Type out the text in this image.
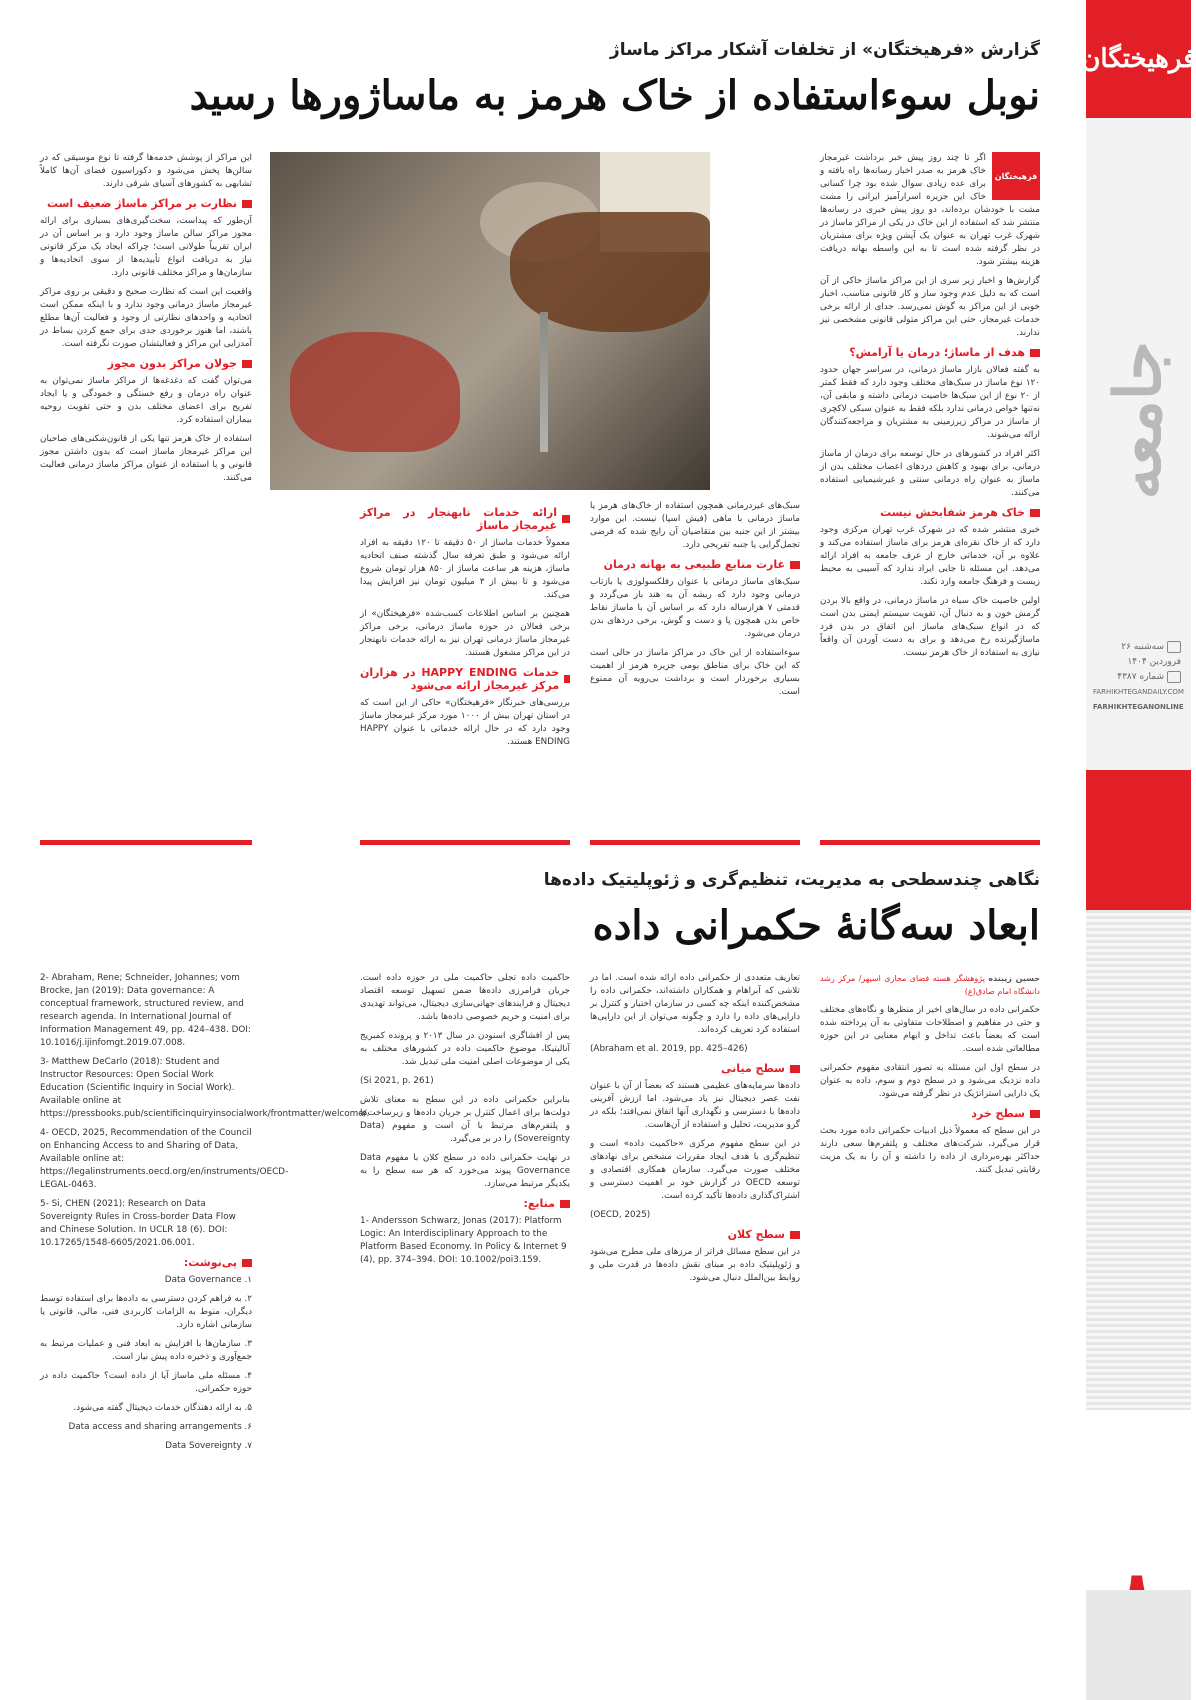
فرهیختگان
جامعه
سه‌شنبه ۲۶ فروردین ۱۴۰۴
شماره ۴۳۸۷
FARHIKHTEGANDAILY.COM
FARHIKHTEGANONLINE
گزارش «فرهیختگان» از تخلفات آشکار مراکز ماساژ
نوبل سوءاستفاده از خاک هرمز به ماساژورها رسید
فرهیختگان

اگر تا چند روز پیش خبر برداشت غیرمجاز خاک هرمز به صدر اخبار رسانه‌ها راه یافته و برای عده زیادی سوال شده بود چرا کسانی خاک این جزیره اسرارآمیز ایرانی را مشت مشت با خودشان برده‌اند، دو روز پیش خبری در رسانه‌ها منتشر شد که استفاده از این خاک در یکی از مراکز ماساژ در شهرک غرب تهران به عنوان یک آپشن ویژه برای مشتریان در نظر گرفته شده است تا به این واسطه بهانه دریافت هزینه بیشتر شود.

گزارش‌ها و اخبار زیر سری از این مراکز ماساژ حاکی از آن است که به دلیل عدم وجود ساز و کار قانونی مناسب، اخبار خوبی از این مراکز به گوش نمی‌رسد. جدای از ارائه برخی خدمات غیرمجاز، حتی این مراکز متولی قانونی مشخصی نیز ندارند.

هدف از ماساژ؛ درمان یا آرامش؟

به گفته فعالان بازار ماساژ درمانی، در سراسر جهان حدود ۱۲۰ نوع ماساژ در سبک‌های مختلف وجود دارد که فقط کمتر از ۲۰ نوع از این سبک‌ها خاصیت درمانی داشته و مابقی آن، نه‌تنها خواص درمانی ندارد بلکه فقط به عنوان سبکی لاکچری از ماساژ در مراکز زیرزمینی به مشتریان و مراجعه‌کنندگان ارائه می‌شوند.

اکثر افراد در کشورهای در حال توسعه برای درمان از ماساژ درمانی، برای بهبود و کاهش دردهای اعصاب مختلف بدن از ماساژ به عنوان راه درمانی سنتی و غیرشیمیایی استفاده می‌کنند.

خاک هرمز شفابخش نیست

خبری منتشر شده که در شهرک غرب تهران مرکزی وجود دارد که از خاک نقره‌ای هرمز برای ماساژ استفاده می‌کند و علاوه بر آن، خدماتی خارج از عرف جامعه به افراد ارائه می‌دهد. این مسئله تا جایی ایراد ندارد که آسیبی به محیط زیست و فرهنگ جامعه وارد نکند.

اولین خاصیت خاک سیاه در ماساژ درمانی، در واقع بالا بردن گرمش خون و به دنبال آن، تقویت سیستم ایمنی بدن است که در انواع سبک‌های ماساژ این اتفاق در بدن فرد ماساژگیرنده رخ می‌دهد و برای به دست آوردن آن واقعاً نیازی به استفاده از خاک هرمز نیست.

سبک‌های غیردرمانی همچون استفاده از خاک‌های هرمز یا ماساژ درمانی با ماهی (فیش اسپا) نیست. این موارد بیشتر از این جنبه بین متقاضیان آن رایج شده که فرضی تجمل‌گرایی یا جنبه تفریحی دارد.

غارت منابع طبیعی به بهانه درمان

سبک‌های ماساژ درمانی با عنوان رفلکسولوژی یا بازتاب درمانی وجود دارد که ریشه آن به هند باز می‌گردد و قدمتی ۷ هزارساله دارد که بر اساس آن با ماساژ نقاط خاص بدن همچون پا و دست و گوش، برخی دردهای بدن درمان می‌شود.

سوءاستفاده از این خاک در مراکز ماساژ در حالی است که این خاک برای مناطق بومی جزیره هرمز از اهمیت بسیاری برخوردار است و برداشت بی‌رویه آن ممنوع است.

ارائه خدمات نابهنجار در مراکز غیرمجاز ماساژ

معمولاً خدمات ماساژ از ۵۰ دقیقه تا ۱۲۰ دقیقه به افراد ارائه می‌شود و طبق تعرفه سال گذشته صنف اتحادیه ماساژ، هزینه هر ساعت ماساژ از ۸۵۰ هزار تومان شروع می‌شود و تا بیش از ۳ میلیون تومان نیز افزایش پیدا می‌کند.

همچنین بر اساس اطلاعات کسب‌شده «فرهیختگان» از برخی فعالان در حوزه ماساژ درمانی، برخی مراکز غیرمجاز ماساژ درمانی تهران نیز به ارائه خدمات نابهنجار در این مراکز مشغول هستند.

خدمات HAPPY ENDING در هزاران مرکز غیرمجاز ارائه می‌شود

بررسی‌های خبرنگار «فرهیختگان» حاکی از این است که در استان تهران بیش از ۱۰۰۰ مورد مرکز غیرمجاز ماساژ وجود دارد که در حال ارائه خدماتی با عنوان HAPPY ENDING هستند.

این مراکز از پوشش خدمه‌ها گرفته تا نوع موسیقی که در سالن‌ها پخش می‌شود و دکوراسیون فضای آن‌ها کاملاً تشابهی به کشورهای آسیای شرقی دارند.

نظارت بر مراکز ماساژ ضعیف است

آن‌طور که پیداست، سخت‌گیری‌های بسیاری برای ارائه مجوز مراکز سالن ماساژ وجود دارد و بر اساس آن در ایران تقریباً طولانی است؛ چراکه ایجاد یک مرکز قانونی نیاز به دریافت انواع تأییدیه‌ها از سوی اتحادیه‌ها و سازمان‌ها و مراکز مختلف قانونی دارد.

واقعیت این است که نظارت صحیح و دقیقی بر روی مراکز غیرمجاز ماساژ درمانی وجود ندارد و با اینکه ممکن است اتحادیه و واحدهای نظارتی از وجود و فعالیت آن‌ها مطلع باشند، اما هنوز برخوردی جدی برای جمع کردن بساط در آمدزایی این مراکز و فعالیتشان صورت نگرفته است.

جولان مراکز بدون مجوز

می‌توان گفت که دغدغه‌ها از مراکز ماساژ نمی‌توان به عنوان راه درمان و رفع خستگی و خمودگی و یا ایجاد تفریح برای اعضای مختلف بدن و حتی تقویت روحیه بیماران استفاده کرد.

استفاده از خاک هرمز تنها یکی از قانون‌شکنی‌های صاحبان این مراکز غیرمجاز ماساژ است که بدون داشتن مجوز قانونی و با استفاده از عنوان مراکز ماساژ درمانی فعالیت می‌کنند.

نگاهی چندسطحی به مدیریت، تنظیم‌گری و ژئوپلیتیک داده‌ها
ابعاد سه‌گانهٔ حکمرانی داده
حسین زیبنده پژوهشگر هسته فضای مجازی اسپهر/ مرکز رشد دانشگاه امام صادق(ع)

حکمرانی داده در سال‌های اخیر از منظرها و نگاه‌های مختلف و حتی در مفاهیم و اصطلاحات متفاوتی به آن پرداخته شده است که بعضاً باعث تداخل و ابهام معنایی در این حوزه مطالعاتی شده است.

در سطح اول این مسئله به تصور انتقادی مفهوم حکمرانی داده نزدیک می‌شود و در سطح دوم و سوم، داده به عنوان یک دارایی استراتژیک در نظر گرفته می‌شود.

سطح خرد

در این سطح که معمولاً ذیل ادبیات حکمرانی داده مورد بحث قرار می‌گیرد، شرکت‌های مختلف و پلتفرم‌ها سعی دارند حداکثر بهره‌برداری از داده را داشته و آن را به یک مزیت رقابتی تبدیل کنند.

تعاریف متعددی از حکمرانی داده ارائه شده است. اما در تلاشی که آبراهام و همکاران داشته‌اند، حکمرانی داده را مشخص‌کننده اینکه چه کسی در سازمان اختیار و کنترل بر دارایی‌های داده را دارد و چگونه می‌توان از این دارایی‌ها استفاده کرد تعریف کرده‌اند.

(Abraham et al. 2019, pp. 425–426)

سطح میانی

داده‌ها سرمایه‌های عظیمی هستند که بعضاً از آن با عنوان نفت عصر دیجیتال نیز یاد می‌شود. اما ارزش آفرینی داده‌ها با دسترسی و نگهداری آنها اتفاق نمی‌افتد؛ بلکه در گرو مدیریت، تحلیل و استفاده از آن‌هاست.

در این سطح مفهوم مرکزی «حاکمیت داده» است و تنظیم‌گری با هدف ایجاد مقررات مشخص برای نهادهای مختلف صورت می‌گیرد. سازمان همکاری اقتصادی و توسعه OECD در گزارش خود بر اهمیت دسترسی و اشتراک‌گذاری داده‌ها تأکید کرده است.

(OECD, 2025)

سطح کلان

در این سطح مسائل فراتر از مرزهای ملی مطرح می‌شود و ژئوپلیتیک داده بر مبنای نقش داده‌ها در قدرت ملی و روابط بین‌الملل دنبال می‌شود.

حاکمیت داده تجلی حاکمیت ملی در حوزه داده است. جریان فرامرزی داده‌ها ضمن تسهیل توسعه اقتصاد دیجیتال و فرایندهای جهانی‌سازی دیجیتال، می‌تواند تهدیدی برای امنیت و حریم خصوصی داده‌ها باشد.

پس از افشاگری اسنودن در سال ۲۰۱۳ و پرونده کمبریج آنالیتیکا، موضوع حاکمیت داده در کشورهای مختلف به یکی از موضوعات اصلی امنیت ملی تبدیل شد.

(Si 2021, p. 261)

بنابراین حکمرانی داده در این سطح به معنای تلاش دولت‌ها برای اعمال کنترل بر جریان داده‌ها و زیرساخت‌ها و پلتفرم‌های مرتبط با آن است و مفهوم (Data Sovereignty) را در بر می‌گیرد.

در نهایت حکمرانی داده در سطح کلان با مفهوم Data Governance پیوند می‌خورد که هر سه سطح را به یکدیگر مرتبط می‌سازد.

منابع:

1- Andersson Schwarz, Jonas (2017): Platform Logic: An Interdisciplinary Approach to the Platform Based Economy. In Policy & Internet 9 (4), pp. 374–394. DOI: 10.1002/poi3.159.

2- Abraham, Rene; Schneider, Johannes; vom Brocke, Jan (2019): Data governance: A conceptual framework, structured review, and research agenda. In International Journal of Information Management 49, pp. 424–438. DOI: 10.1016/j.ijinfomgt.2019.07.008.

3- Matthew DeCarlo (2018): Student and Instructor Resources: Open Social Work Education (Scientific Inquiry in Social Work). Available online at https://pressbooks.pub/scientificinquiryinsocialwork/frontmatter/welcome/.

4- OECD, 2025, Recommendation of the Council on Enhancing Access to and Sharing of Data, Available online at: https://legalinstruments.oecd.org/en/instruments/OECD-LEGAL-0463.

5- Si, CHEN (2021): Research on Data Sovereignty Rules in Cross-border Data Flow and Chinese Solution. In UCLR 18 (6). DOI: 10.17265/1548-6605/2021.06.001.

پی‌نوشت:

۱. Data Governance

۲. به فراهم کردن دسترسی به داده‌ها برای استفاده توسط دیگران، منوط به الزامات کاربردی فنی، مالی، قانونی یا سازمانی اشاره دارد.

۳. سازمان‌ها با افزایش به ابعاد فنی و عملیات مرتبط به جمع‌آوری و ذخیره داده پیش نیاز است.

۴. مسئله ملی ماساژ آیا از داده است؟ حاکمیت داده در حوزه حکمرانی.

۵. به ارائه دهندگان خدمات دیجیتال گفته می‌شود.

۶. Data access and sharing arrangements

۷. Data Sovereignty
